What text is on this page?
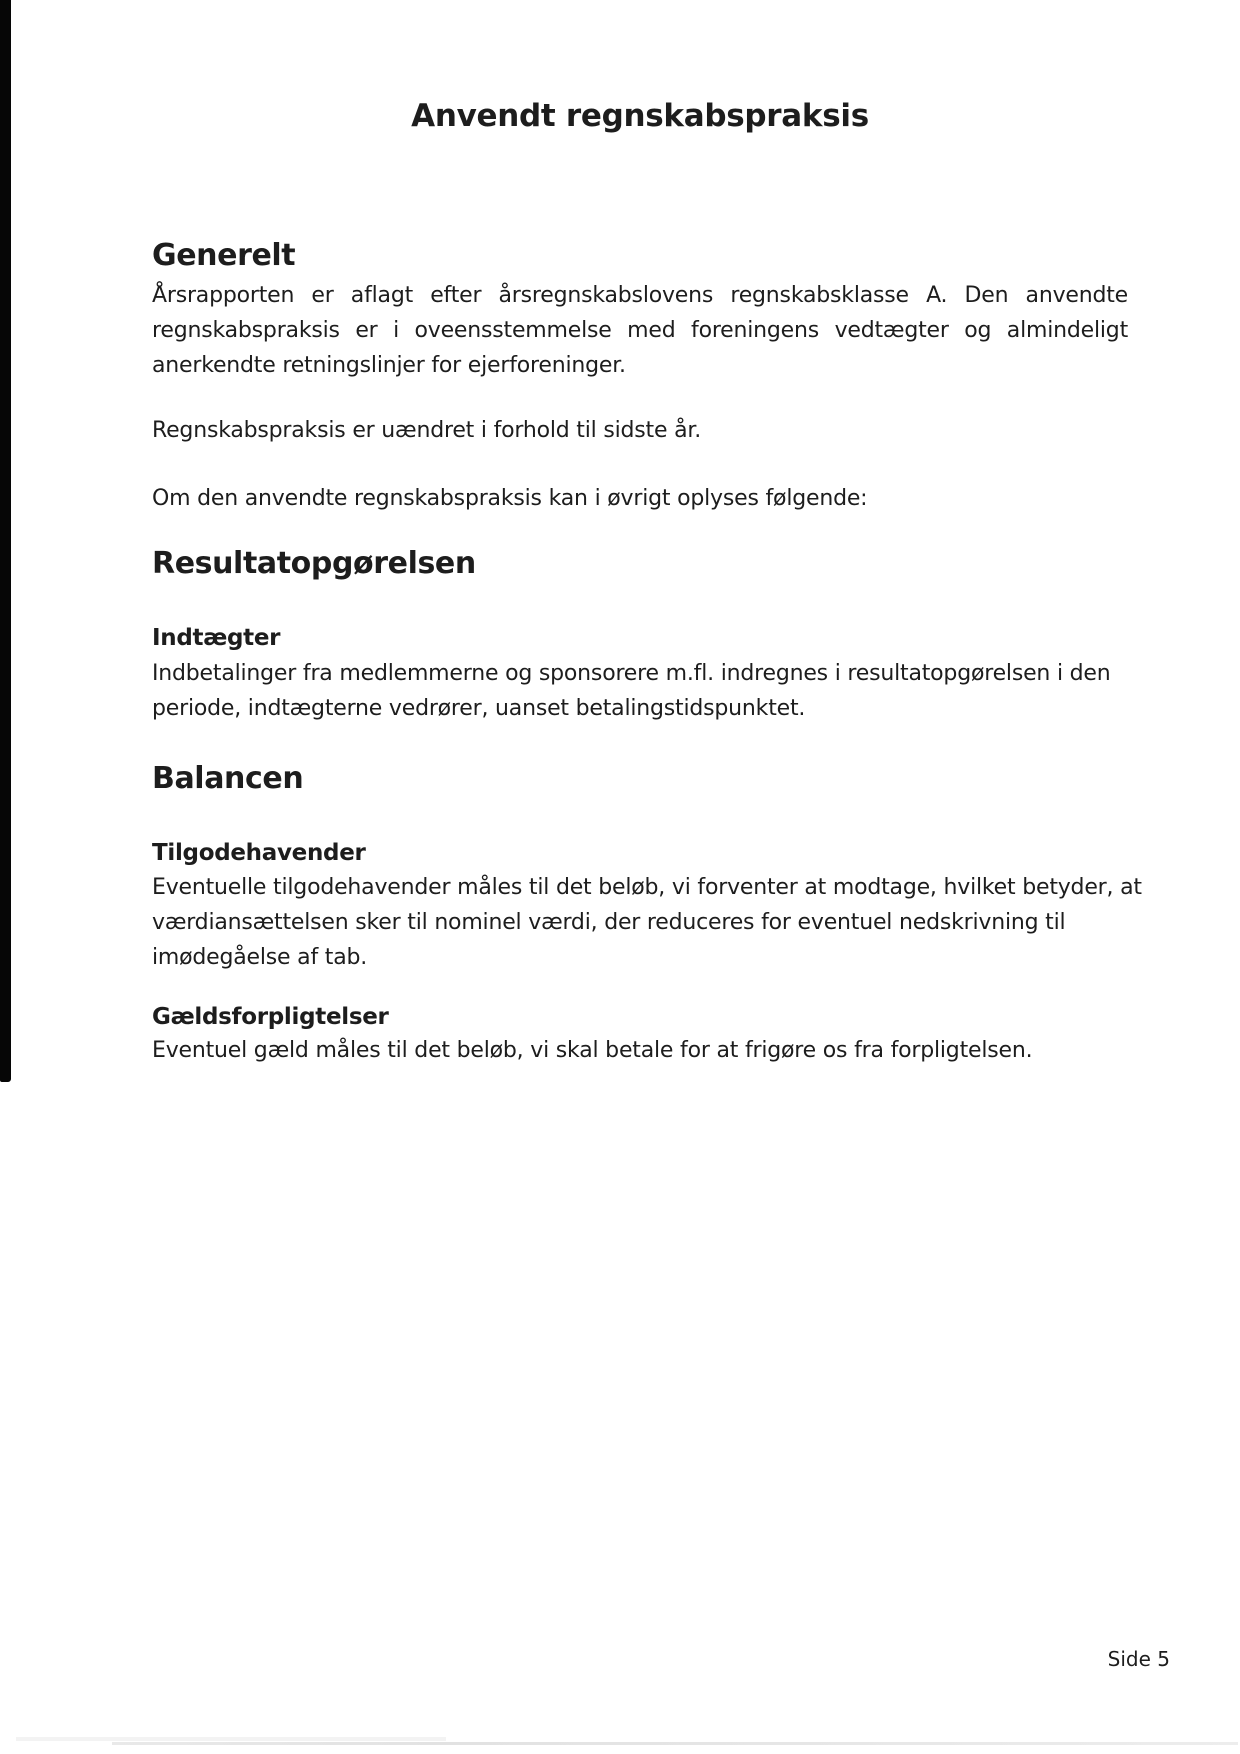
Anvendt regnskabspraksis
Generelt
Årsrapporten er aflagt efter årsregnskabslovens regnskabsklasse A. Den anvendte
regnskabspraksis er i oveensstemmelse med foreningens vedtægter og almindeligt
anerkendte retningslinjer for ejerforeninger.
Regnskabspraksis er uændret i forhold til sidste år.
Om den anvendte regnskabspraksis kan i øvrigt oplyses følgende:
Resultatopgørelsen
Indtægter
Indbetalinger fra medlemmerne og sponsorere m.fl. indregnes i resultatopgørelsen i den
periode, indtægterne vedrører, uanset betalingstidspunktet.
Balancen
Tilgodehavender
Eventuelle tilgodehavender måles til det beløb, vi forventer at modtage, hvilket betyder, at
værdiansættelsen sker til nominel værdi, der reduceres for eventuel nedskrivning til
imødegåelse af tab.
Gældsforpligtelser
Eventuel gæld måles til det beløb, vi skal betale for at frigøre os fra forpligtelsen.
Side 5
